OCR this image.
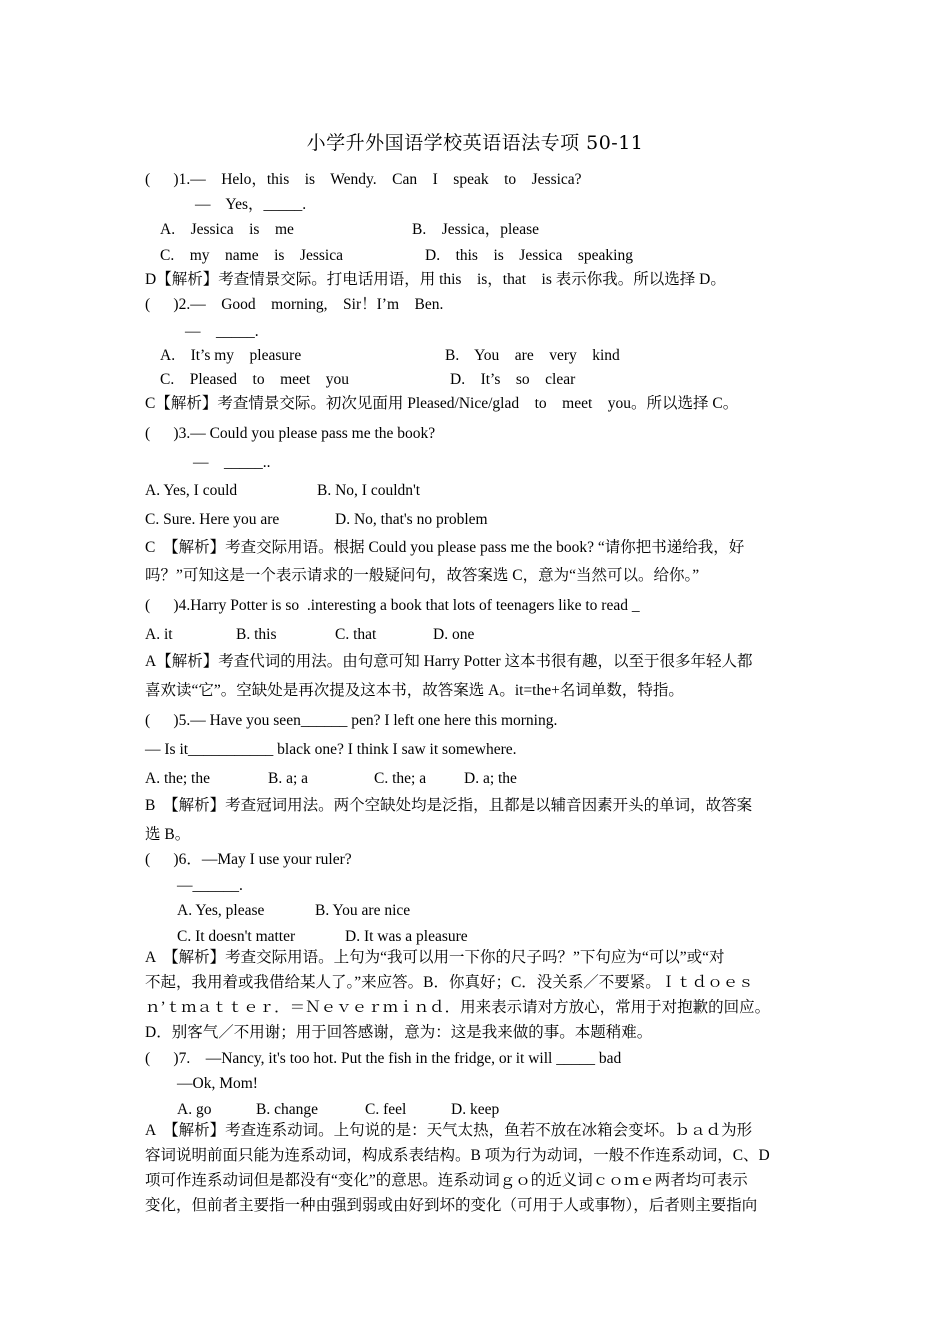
小学升外国语学校英语语法专项 50-11
(      )1.—    Helo，this    is    Wendy.    Can    I    speak    to    Jessica?
—    Yes，_____.
A.    Jessica    is    me	B.    Jessica，please
C.    my    name    is    Jessica	D.    this    is    Jessica    speaking
D【解析】考查情景交际。打电话用语，用 this    is，that    is 表示你我。所以选择 D。
(      )2.—    Good    morning,    Sir！I’m    Ben.
—    _____.
A.    It’s my    pleasure	B.    You    are    very    kind
C.    Pleased    to    meet    you	D.    It’s    so    clear
C【解析】考查情景交际。初次见面用 Pleased/Nice/glad    to    meet    you。所以选择 C。
(      )3.— Could you please pass me the book?
—    _____..
A. Yes, I could	B. No, I couldn't
C. Sure. Here you are	D. No, that's no problem
C  【解析】考查交际用语。根据 Could you please pass me the book? “请你把书递给我，好
吗？”可知这是一个表示请求的一般疑问句，故答案选 C，意为“当然可以。给你。”
(      )4.Harry Potter is so  .interesting a book that lots of teenagers like to read _
A. it	B. this	C. that	D. one
A【解析】考查代词的用法。由句意可知 Harry Potter 这本书很有趣，以至于很多年轻人都
喜欢读“它”。空缺处是再次提及这本书，故答案选 A。it=the+名词单数，特指。
(      )5.— Have you seen______ pen? I left one here this morning.
— Is it___________ black one? I think I saw it somewhere.
A. the; the	B. a; a	C. the; a D. a; the
B  【解析】考查冠词用法。两个空缺处均是泛指，且都是以辅音因素开头的单词，故答案
选 B。
(      )6．—May I use your ruler?
—______.
A. Yes, please	B. You are nice
C. It doesn't matter	D. It was a pleasure
A  【解析】考查交际用语。上句为“我可以用一下你的尺子吗？”下句应为“可以”或“对
不起，我用着或我借给某人了。”来应答。B．你真好；C．没关系／不要紧。Ｉｔｄｏｅｓ
ｎ’ｔｍａｔｔｅｒ．＝Ｎｅｖｅｒｍｉｎｄ．用来表示请对方放心，常用于对抱歉的回应。
D．别客气／不用谢；用于回答感谢，意为：这是我来做的事。本题稍难。
(      )7.    —Nancy, it's too hot. Put the fish in the fridge, or it will _____ bad
—Ok, Mom!
A. go	B. change	C. feel	D. keep
A  【解析】考查连系动词。上句说的是：天气太热，鱼若不放在冰箱会变坏。ｂａｄ为形
容词说明前面只能为连系动词，构成系表结构。B 项为行为动词，一般不作连系动词，C、D
项可作连系动词但是都没有“变化”的意思。连系动词ｇｏ的近义词ｃｏｍｅ两者均可表示
变化，但前者主要指一种由强到弱或由好到坏的变化（可用于人或事物），后者则主要指向
